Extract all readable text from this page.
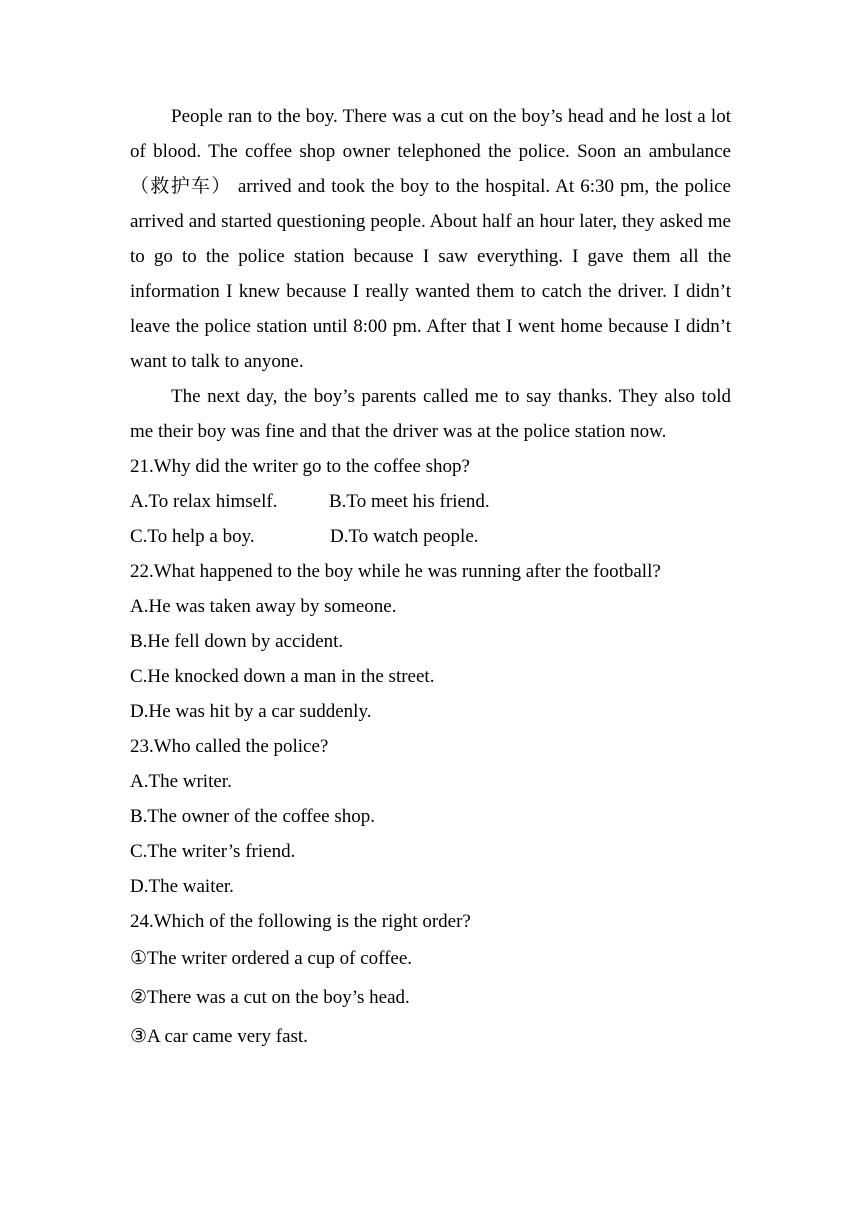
People ran to the boy. There was a cut on the boy’s head and he lost a lot of blood. The coffee shop owner telephoned the police. Soon an ambulance（救护车） arrived and took the boy to the hospital. At 6:30 pm, the police arrived and started questioning people. About half an hour later, they asked me to go to the police station because I saw everything. I gave them all the information I knew because I really wanted them to catch the driver. I didn’t leave the police station until 8:00 pm. After that I went home because I didn’t want to talk to anyone.

The next day, the boy’s parents called me to say thanks. They also told me their boy was fine and that the driver was at the police station now.

21.Why did the writer go to the coffee shop?

A.To relax himself.	B.To meet his friend.

C.To help a boy.	D.To watch people.

22.What happened to the boy while he was running after the football?

A.He was taken away by someone.

B.He fell down by accident.

C.He knocked down a man in the street.

D.He was hit by a car suddenly.

23.Who called the police?

A.The writer.

B.The owner of the coffee shop.

C.The writer’s friend.

D.The waiter.

24.Which of the following is the right order?

①The writer ordered a cup of coffee.

②There was a cut on the boy’s head.

③A car came very fast.
